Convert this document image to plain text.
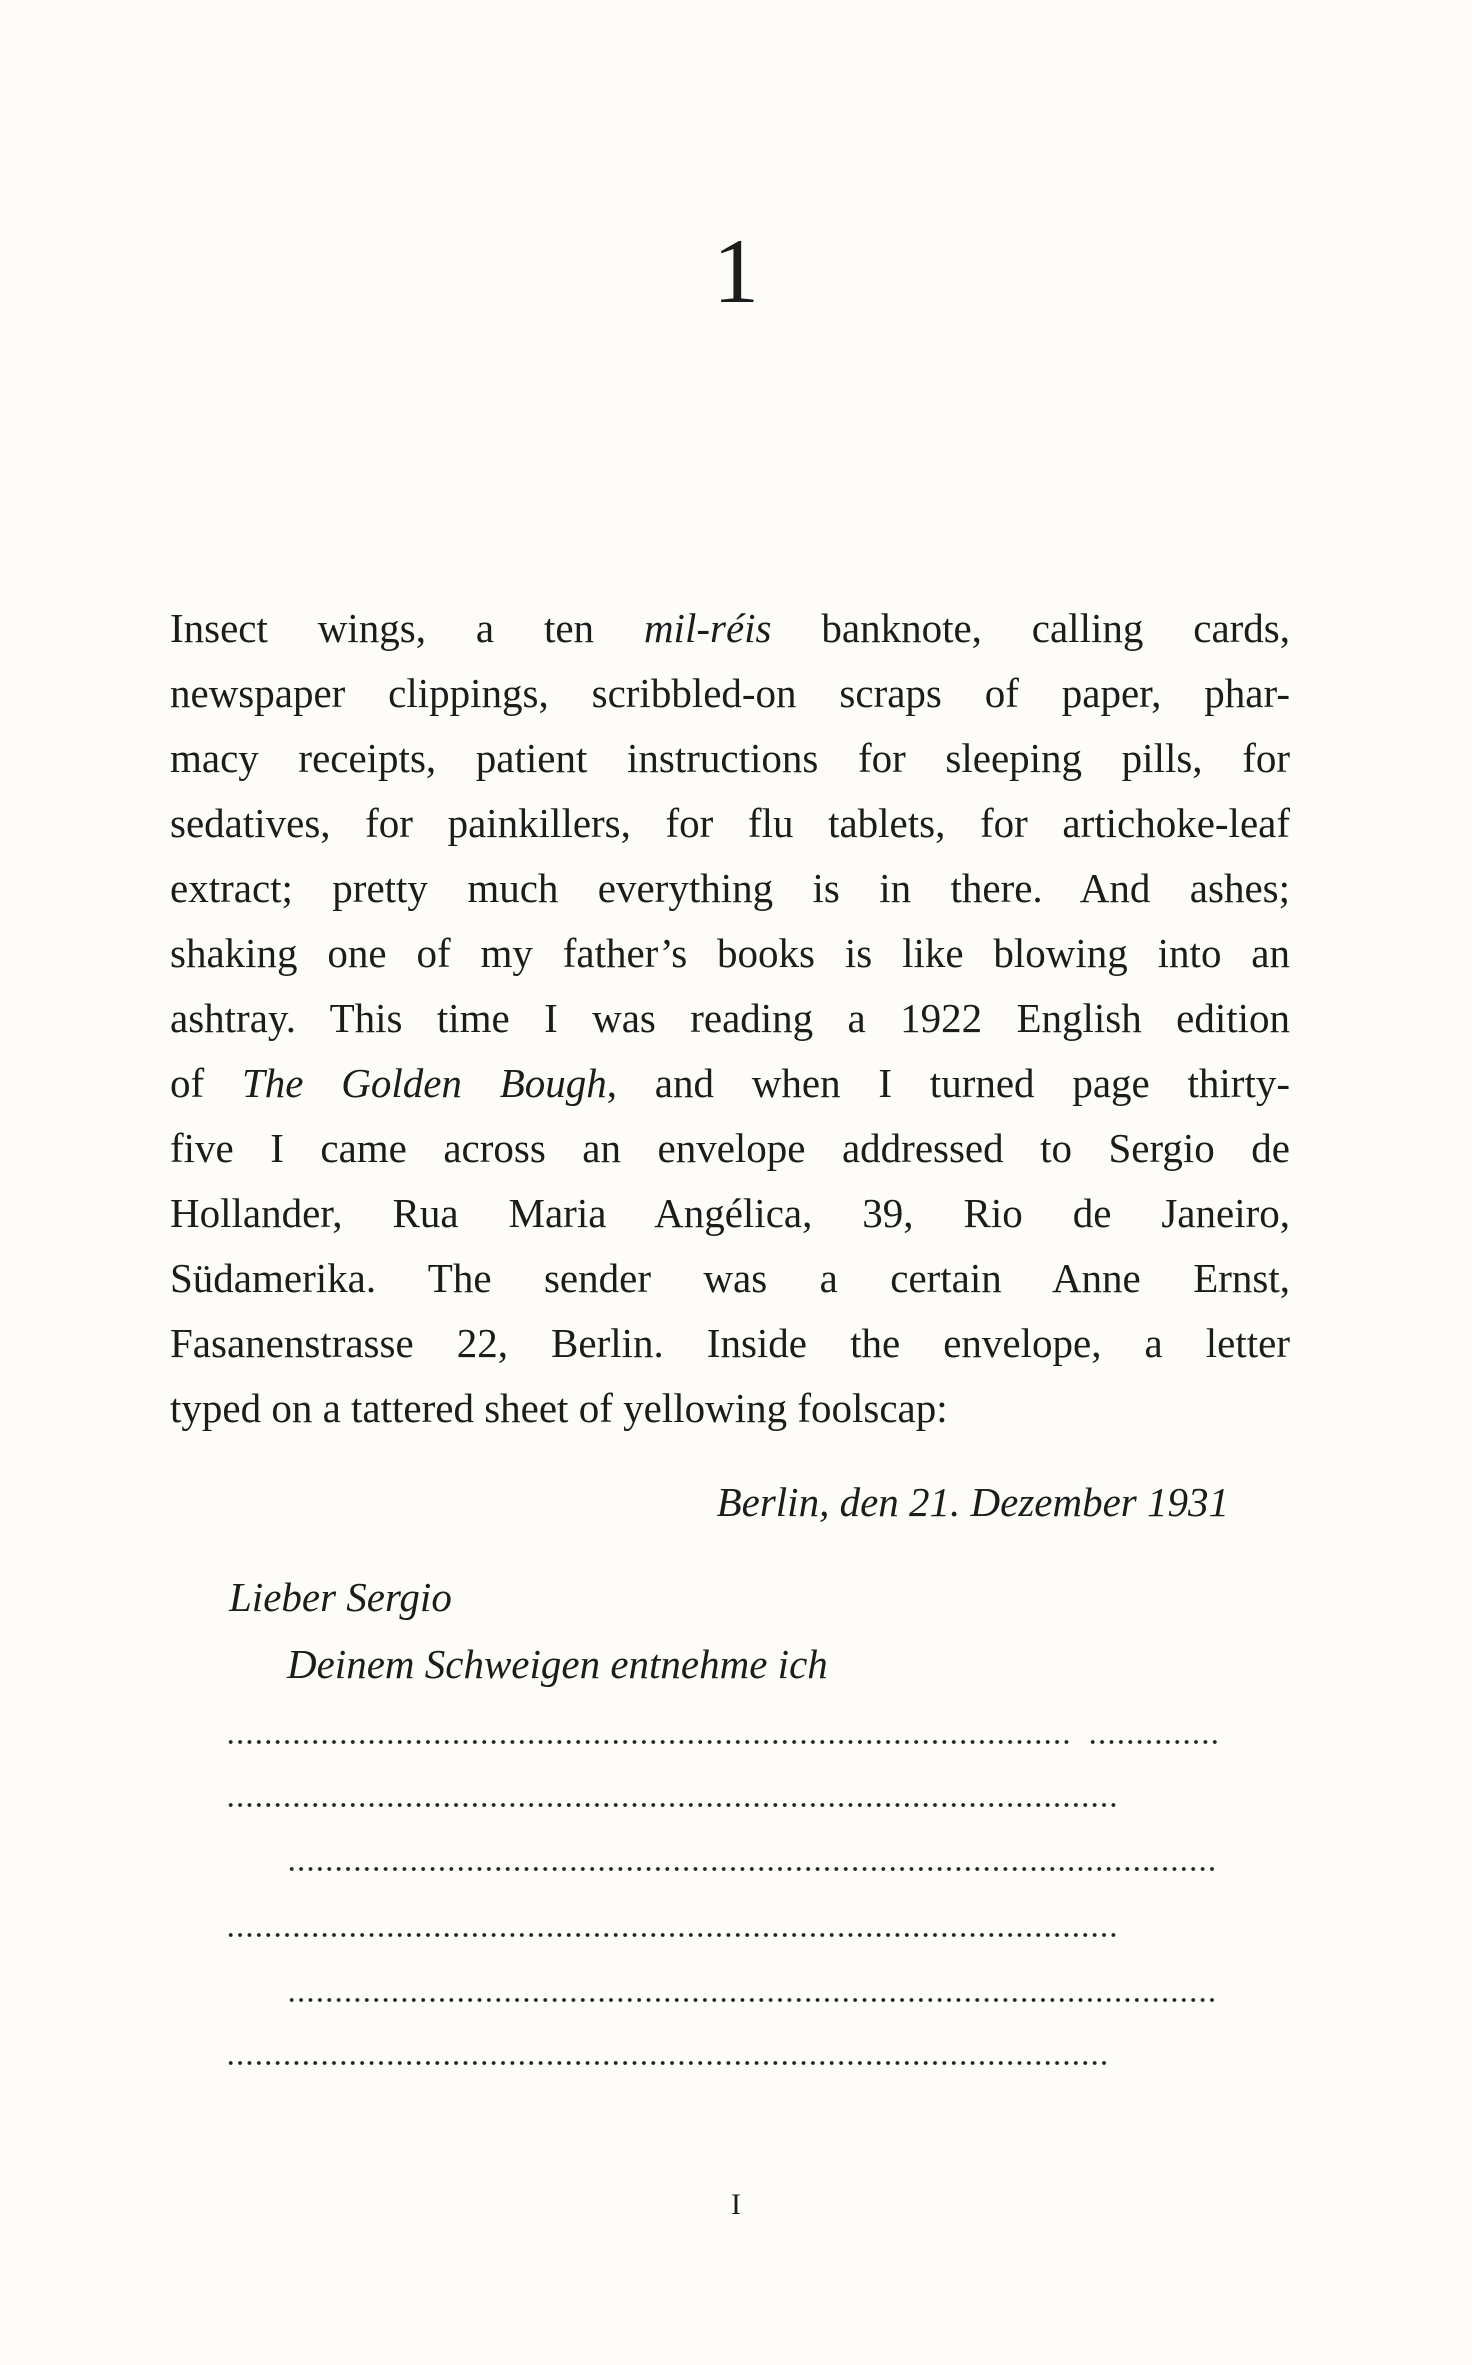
1
Insect wings, a ten mil-réis banknote, calling cards,
newspaper clippings, scribbled-on scraps of paper, phar-
macy receipts, patient instructions for sleeping pills, for
sedatives, for painkillers, for flu tablets, for artichoke-leaf
extract; pretty much everything is in there. And ashes;
shaking one of my father’s books is like blowing into an
ashtray. This time I was reading a 1922 English edition
of The Golden Bough, and when I turned page thirty-
five I came across an envelope addressed to Sergio de
Hollander, Rua Maria Angélica, 39, Rio de Janeiro,
Südamerika. The sender was a certain Anne Ernst,
Fasanenstrasse 22, Berlin. Inside the envelope, a letter
typed on a tattered sheet of yellowing foolscap:
Berlin, den 21. Dezember 1931
Lieber Sergio
Deinem Schweigen entnehme ich
I
